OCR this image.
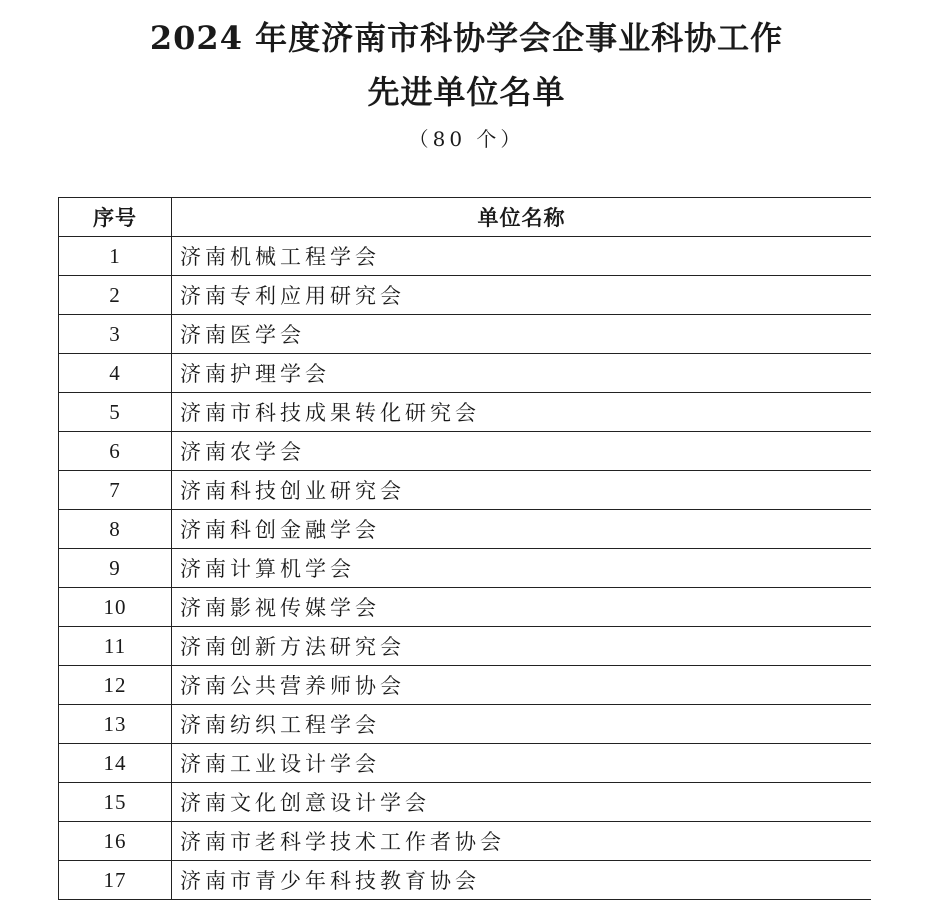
2024 年度济南市科协学会企事业科协工作
先进单位名单
（80 个）
序号	单位名称
1	济南机械工程学会
2	济南专利应用研究会
3	济南医学会
4	济南护理学会
5	济南市科技成果转化研究会
6	济南农学会
7	济南科技创业研究会
8	济南科创金融学会
9	济南计算机学会
10	济南影视传媒学会
11	济南创新方法研究会
12	济南公共营养师协会
13	济南纺织工程学会
14	济南工业设计学会
15	济南文化创意设计学会
16	济南市老科学技术工作者协会
17	济南市青少年科技教育协会
